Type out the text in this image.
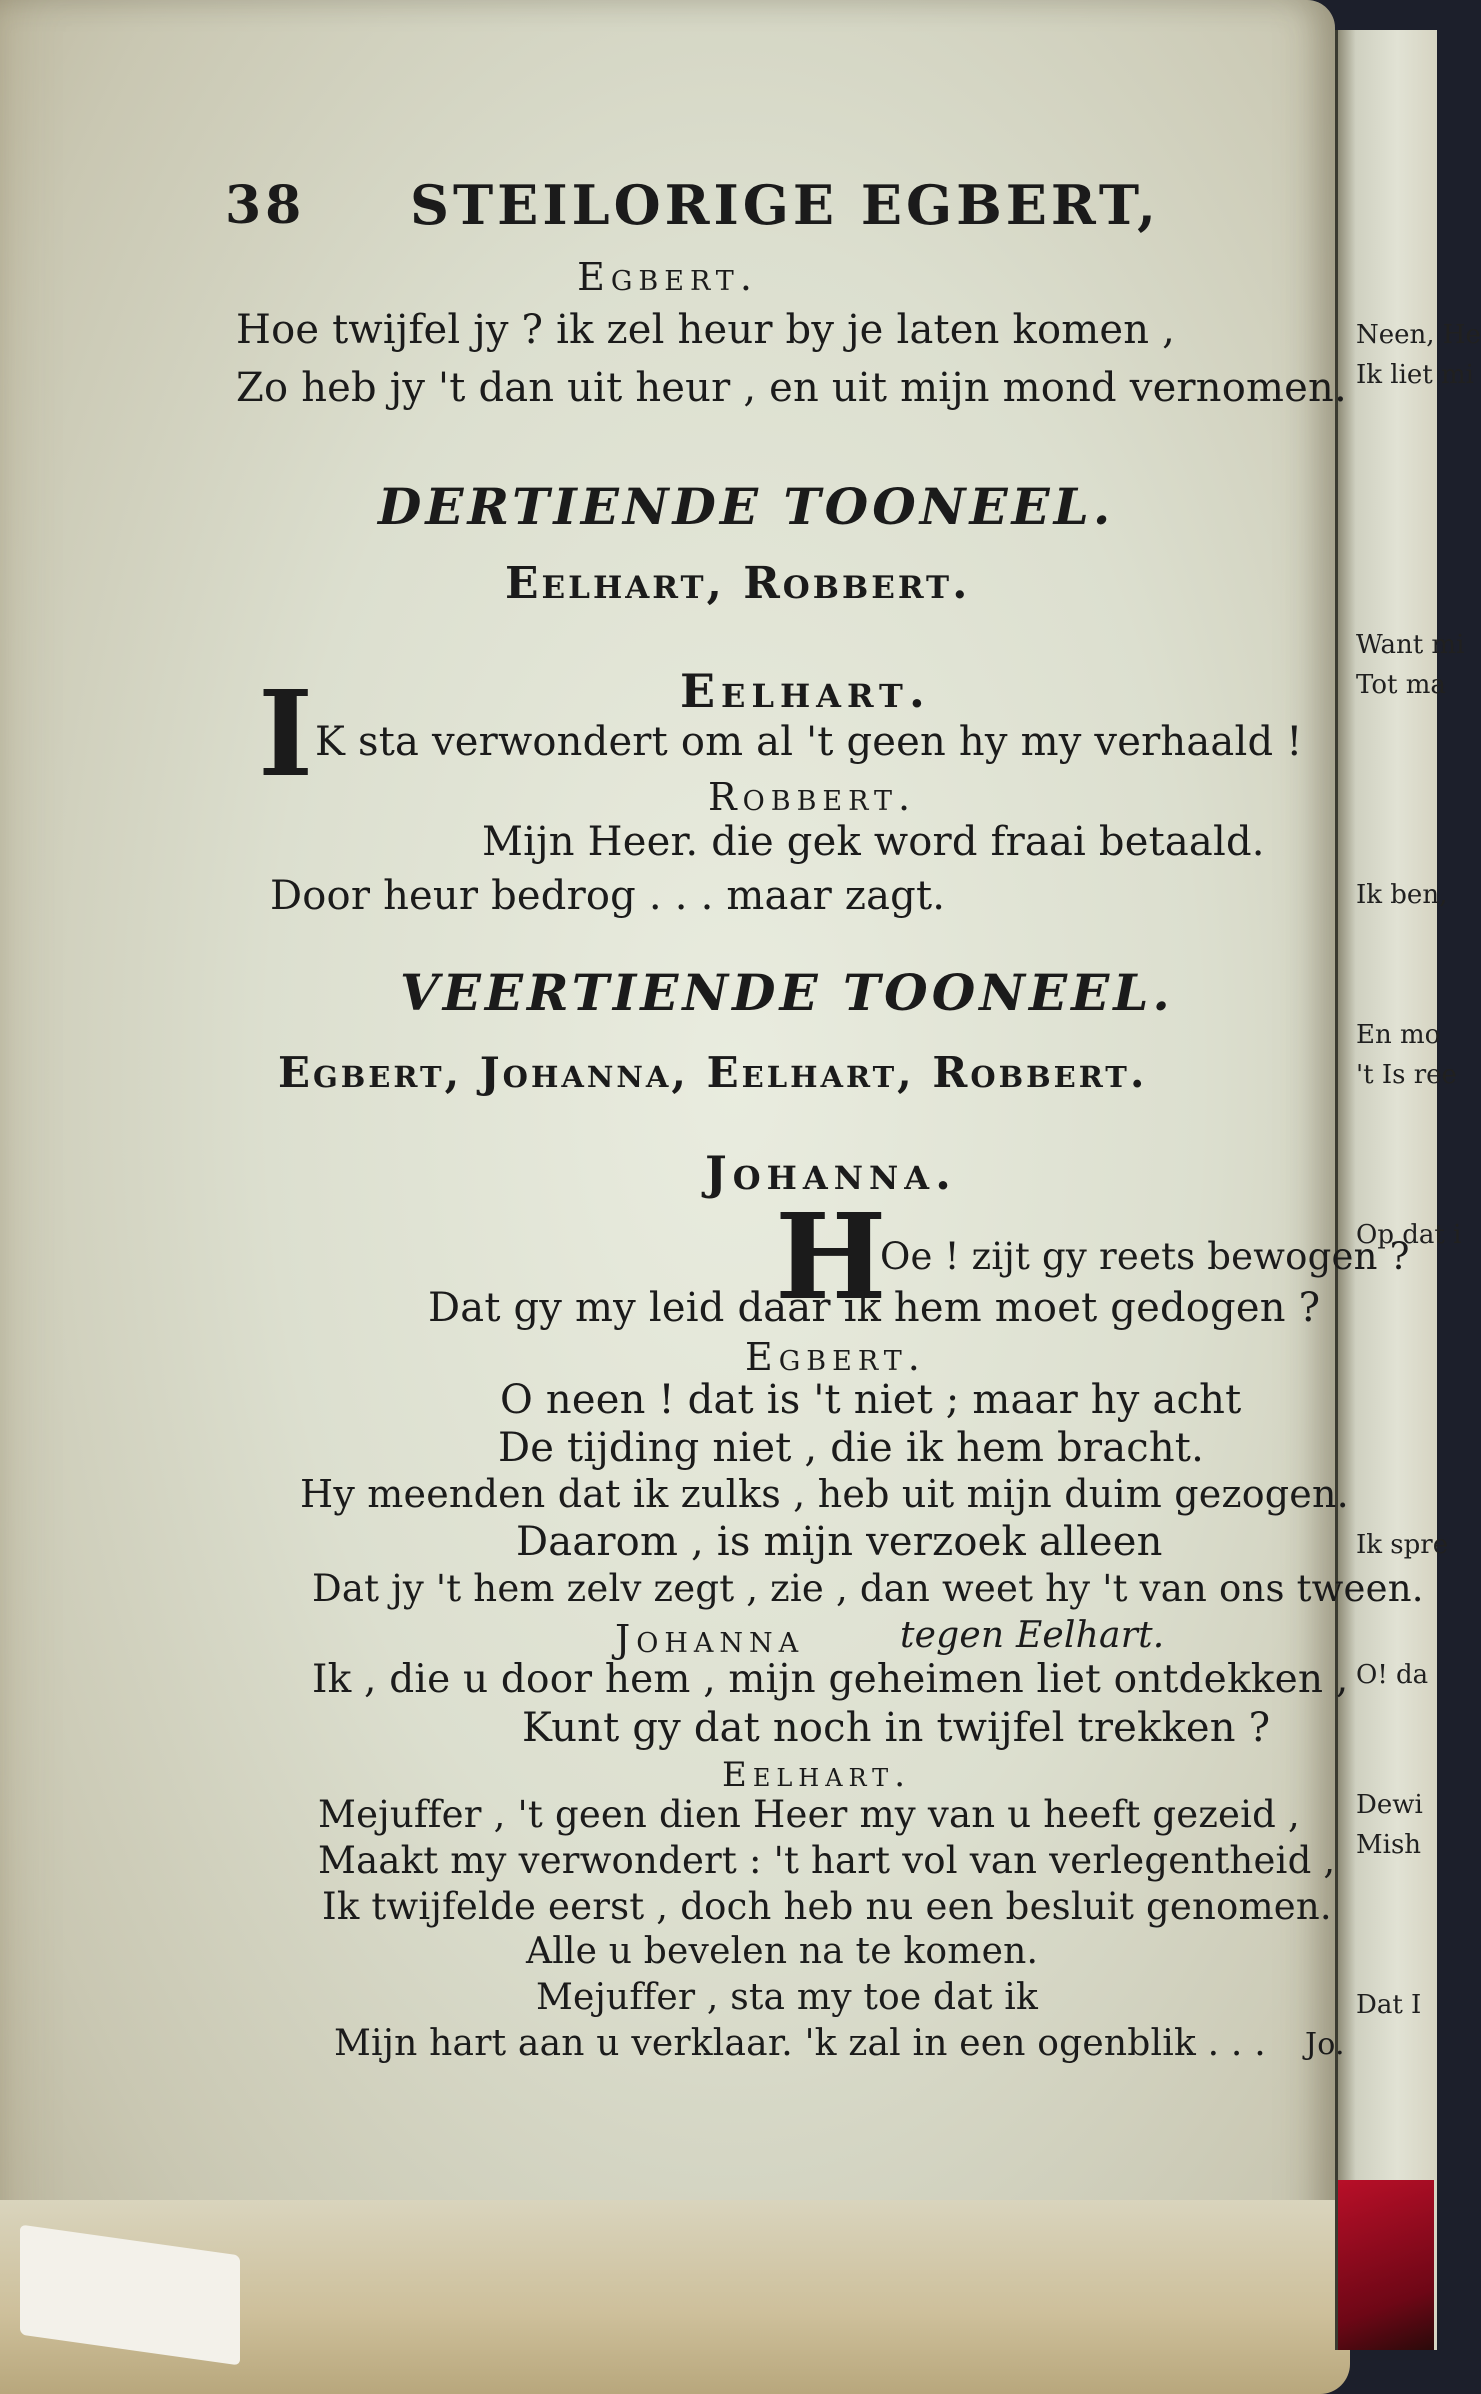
Neen, He
Ik liet mi
Want mi
Tot ma
Ik ben,
En mo
't Is ree
Op dat i
Ik spre
O! da
Dewi
Mish
Dat I
38 STEILORIGE EGBERT,
Egbert.
Hoe twijfel jy ? ik zel heur by je laten komen ,
Zo heb jy 't dan uit heur , en uit mijn mond vernomen.
DERTIENDE TOONEEL.
Eelhart, Robbert.
Eelhart.
I K sta verwondert om al 't geen hy my verhaald !
Robbert.
Mijn Heer. die gek word fraai betaald.
Door heur bedrog . . . maar zagt.
VEERTIENDE TOONEEL.
Egbert, Johanna, Eelhart, Robbert.
Johanna.
H
Oe ! zijt gy reets bewogen ?
Dat gy my leid daar ik hem moet gedogen ?
Egbert.
O neen ! dat is 't niet ; maar hy acht
De tijding niet , die ik hem bracht.
Hy meenden dat ik zulks , heb uit mijn duim gezogen.
Daarom , is mijn verzoek alleen
Dat jy 't hem zelv zegt , zie , dan weet hy 't van ons tween.
Johanna	tegen Eelhart.
Ik , die u door hem , mijn geheimen liet ontdekken ,
Kunt gy dat noch in twijfel trekken ?
Eelhart.
Mejuffer , 't geen dien Heer my van u heeft gezeid ,
Maakt my verwondert : 't hart vol van verlegentheid ,
Ik twijfelde eerst , doch heb nu een besluit genomen.
Alle u bevelen na te komen.
Mejuffer , sta my toe dat ik
Mijn hart aan u verklaar. 'k zal in een ogenblik . . . Jo.
